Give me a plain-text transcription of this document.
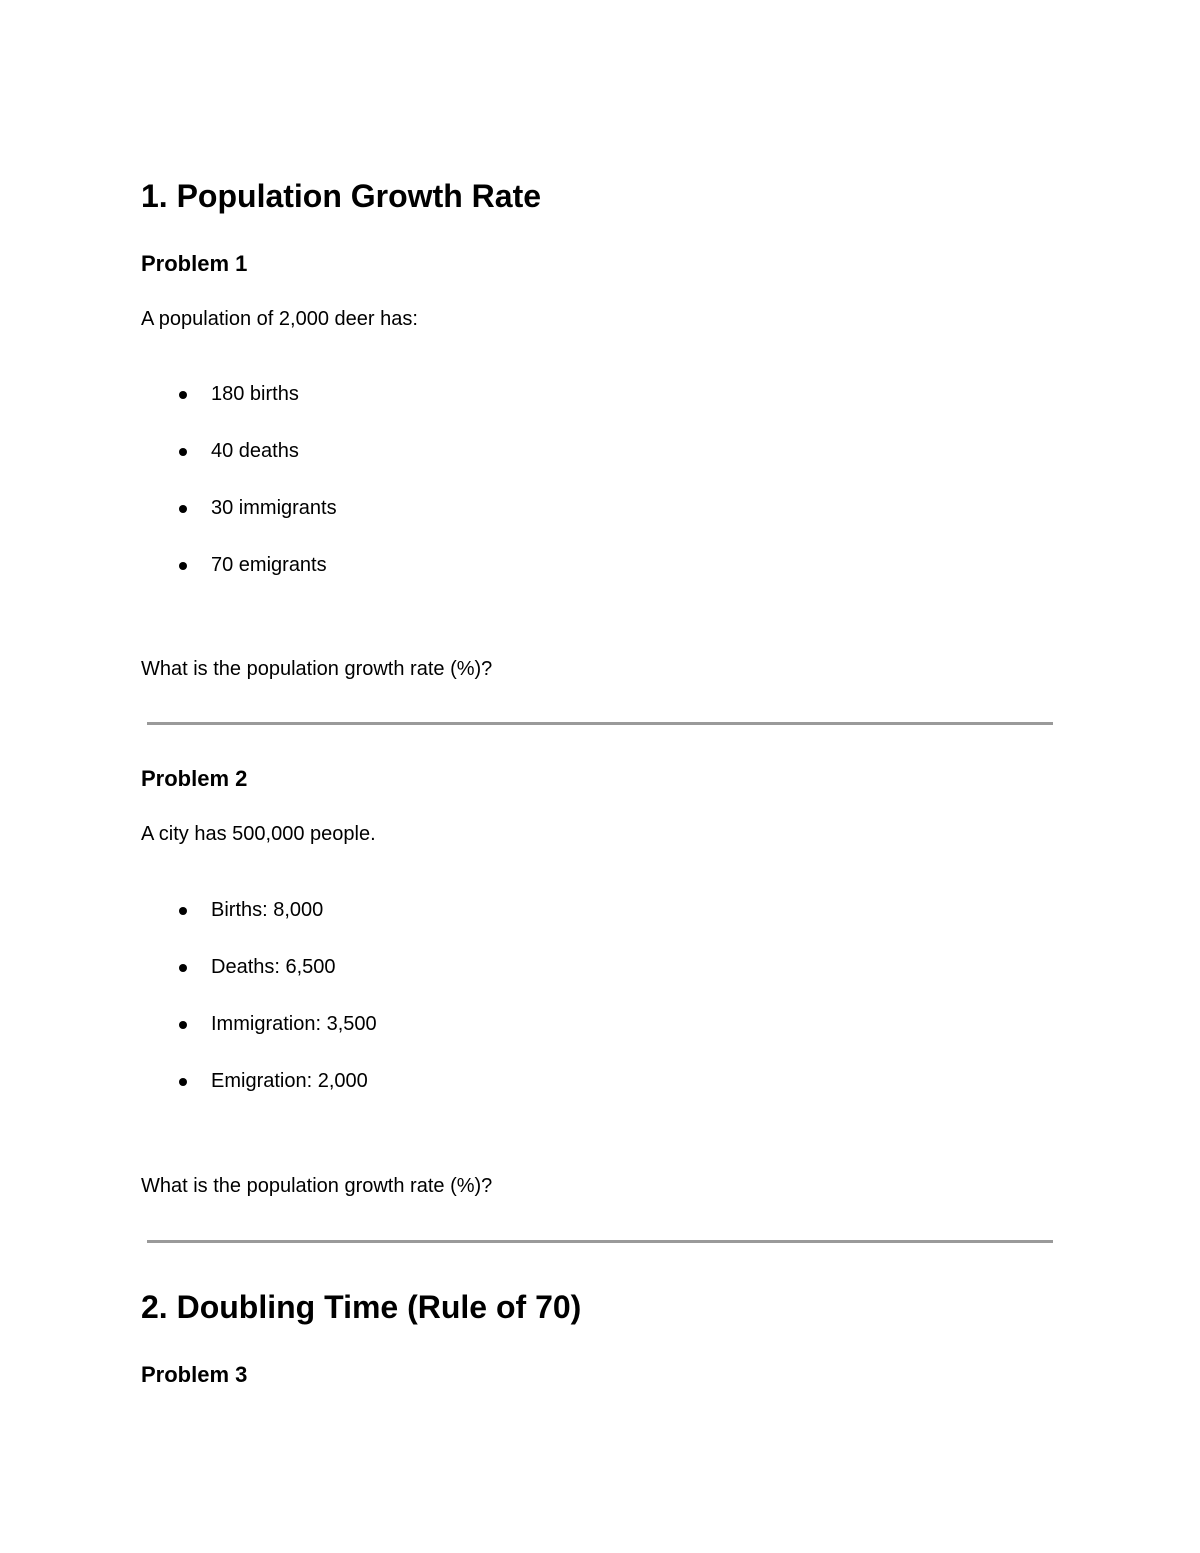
1. Population Growth Rate
Problem 1

A population of 2,000 deer has:

180 births
40 deaths
30 immigrants
70 emigrants

What is the population growth rate (%)?

Problem 2

A city has 500,000 people.

Births: 8,000
Deaths: 6,500
Immigration: 3,500
Emigration: 2,000

What is the population growth rate (%)?

2. Doubling Time (Rule of 70)
Problem 3
